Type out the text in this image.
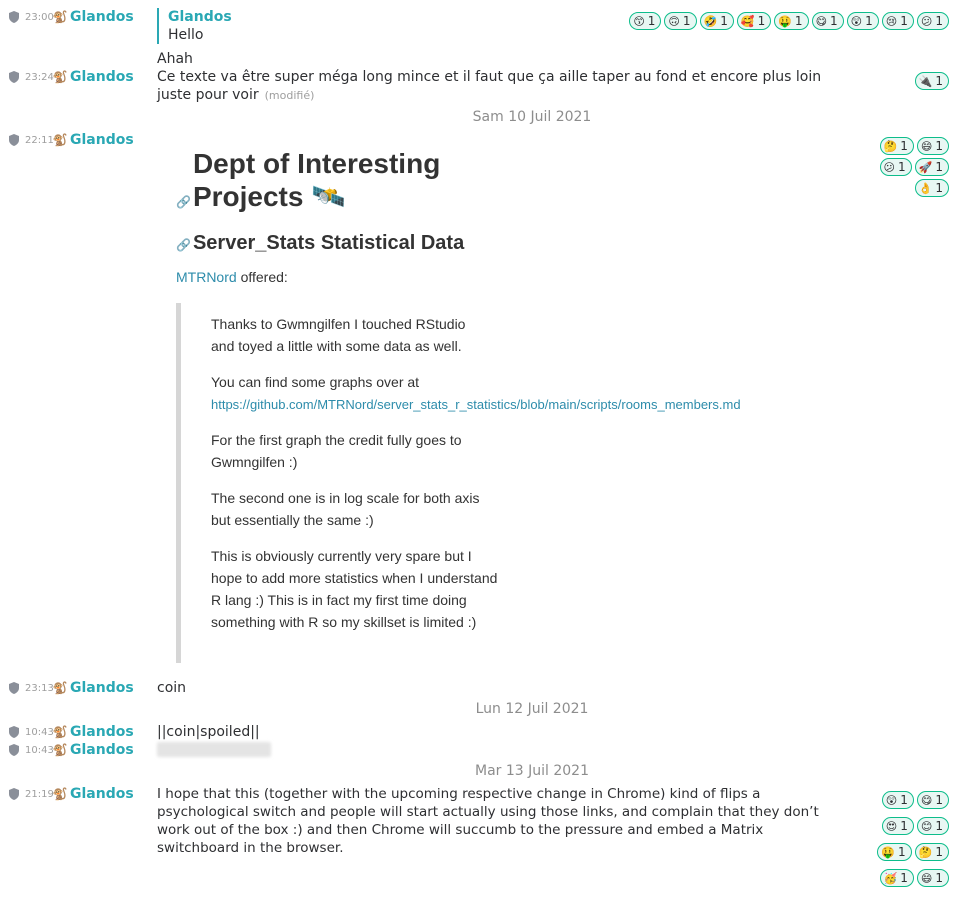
23:00
🐒 Glandos Glandos
Hello
Ahah
😙 1 🙃 1 🤣 1 🥰 1 🤑 1 😋 1 😲 1 😢 1 😕 1
23:24
🐒 Glandos Ce texte va être super méga long mince et il faut que ça aille taper au fond et encore plus loin juste pour voir (modifié)
🔌 1
Sam 10 Juil 2021
22:11
🐒 Glandos	🤔 1 😄 1
😕 1 🚀 1
👌 1
🔗Dept of Interesting Projects 🛰️
🔗 Server_Stats Statistical Data
MTRNord offered:

Thanks to Gwmngilfen I touched RStudio and toyed a little with some data as well.

You can find some graphs over at

https://github.com/MTRNord/server_stats_r_statistics/blob/main/scripts/rooms_members.md

For the first graph the credit fully goes to Gwmngilfen :)

The second one is in log scale for both axis but essentially the same :)

This is obviously currently very spare but I hope to add more statistics when I understand R lang :) This is in fact my first time doing something with R so my skillset is limited :)

23:13
🐒 Glandos coin
Lun 12 Juil 2021
10:43
🐒 Glandos ||coin|spoiled||
10:43
🐒 Glandos
Mar 13 Juil 2021
21:19
🐒 Glandos I hope that this (together with the upcoming respective change in Chrome) kind of flips a
psychological switch and people will start actually using those links, and complain that they don’t
work out of the box :) and then Chrome will succumb to the pressure and embed a Matrix
switchboard in the browser.
😲 1 😋 1
😍 1 😊 1
🤑 1 🤔 1
🥳 1 😄 1
